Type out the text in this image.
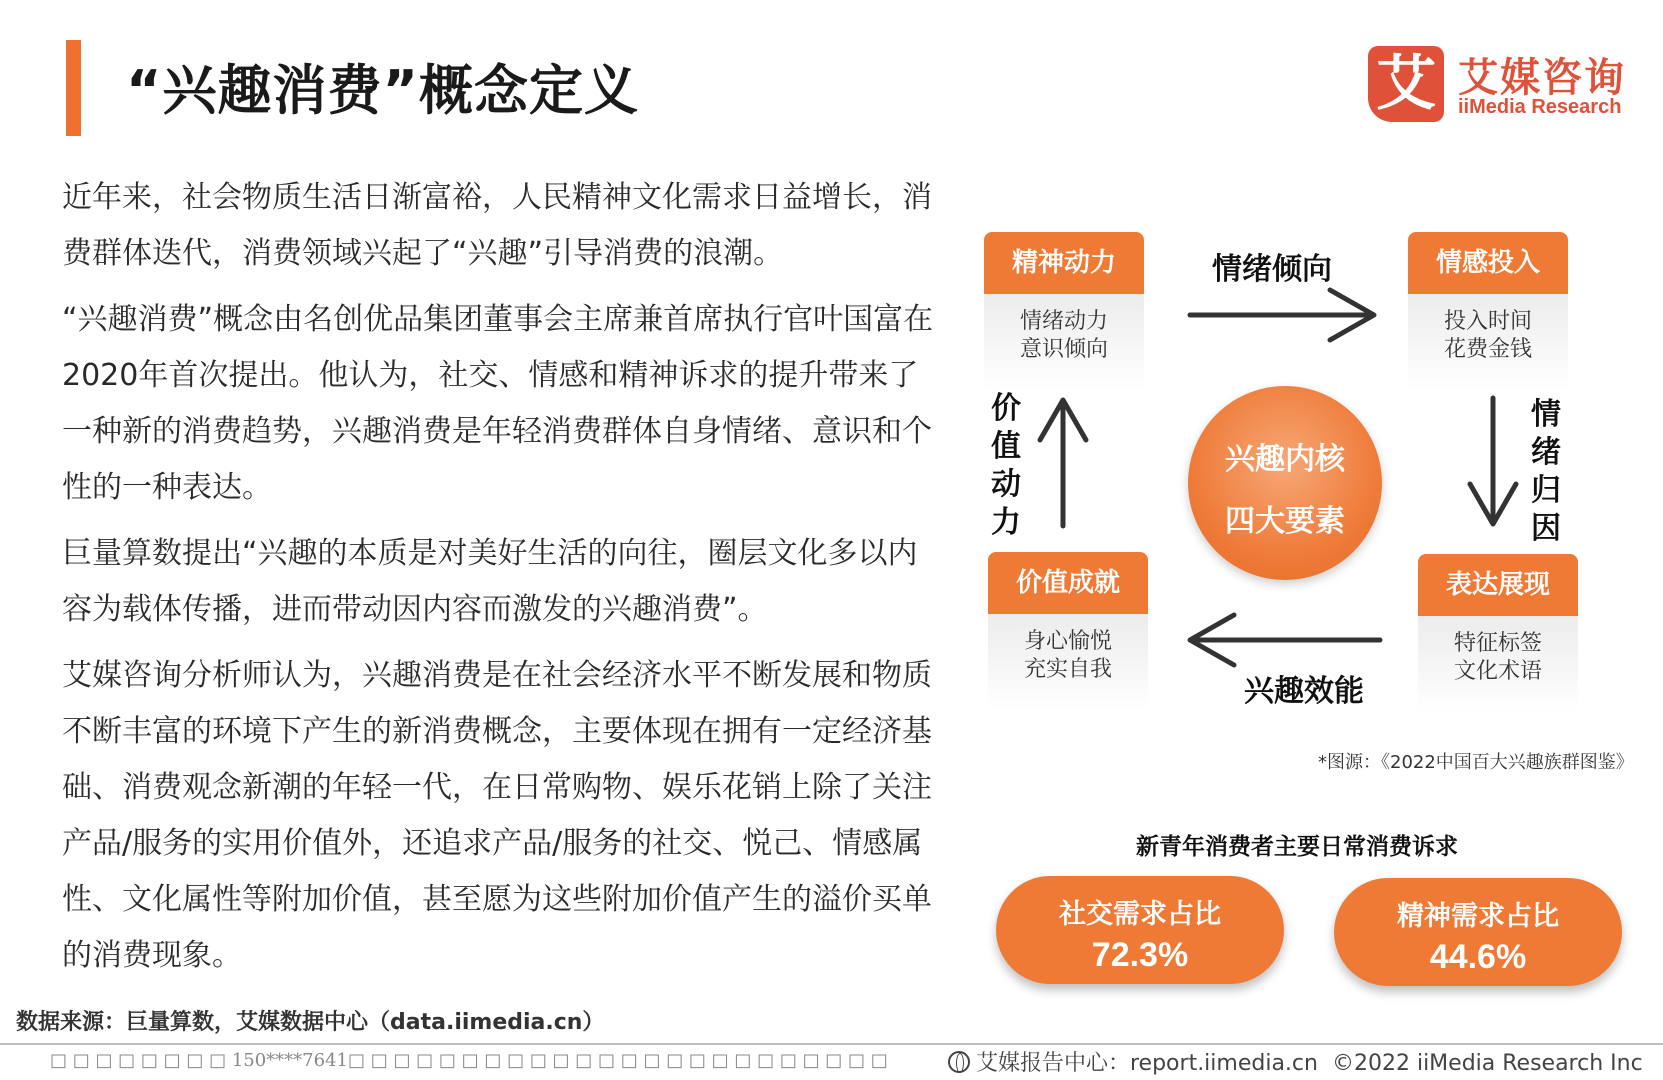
“兴趣消费”概念定义	艾 艾媒咨询
iiMedia Research

近年来，社会物质生活日渐富裕，人民精神文化需求日益增长，消费群体迭代，消费领域兴起了“兴趣”引导消费的浪潮。

“兴趣消费”概念由名创优品集团董事会主席兼首席执行官叶国富在2020年首次提出。他认为，社交、情感和精神诉求的提升带来了一种新的消费趋势，兴趣消费是年轻消费群体自身情绪、意识和个性的一种表达。

巨量算数提出“兴趣的本质是对美好生活的向往，圈层文化多以内容为载体传播，进而带动因内容而激发的兴趣消费”。

艾媒咨询分析师认为，兴趣消费是在社会经济水平不断发展和物质不断丰富的环境下产生的新消费概念，主要体现在拥有一定经济基础、消费观念新潮的年轻一代，在日常购物、娱乐花销上除了关注产品/服务的实用价值外，还追求产品/服务的社交、悦己、情感属性、文化属性等附加价值，甚至愿为这些附加价值产生的溢价买单的消费现象。

精神动力
情绪动力
意识倾向
情感投入
投入时间
花费金钱
价值成就
身心愉悦
充实自我
表达展现
特征标签
文化术语
兴趣内核
四大要素
情绪倾向
兴趣效能
情绪归因
价值动力
*图源：《2022中国百大兴趣族群图鉴》
新青年消费者主要日常消费诉求
社交需求占比
72.3%
精神需求占比
44.6%
数据来源：巨量算数，艾媒数据中心（data.iimedia.cn）
□ □ □ □ □ □ □ □ 150****7641□ □ □ □ □ □ □ □ □ □ □ □ □ □ □ □ □ □ □ □ □ □ □ □	艾媒报告中心：report.iimedia.cn ©2022 iiMedia Research Inc
